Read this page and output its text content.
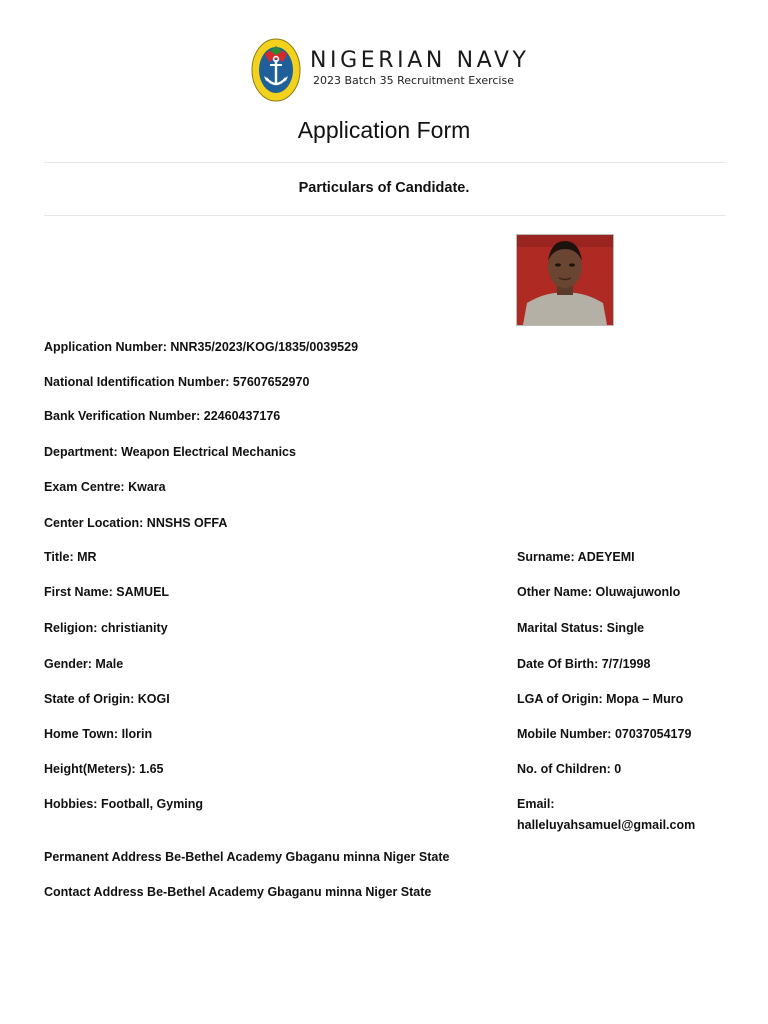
NIGERIAN NAVY
2023 Batch 35 Recruitment Exercise
Application Form
Particulars of Candidate.
Application Number: NNR35/2023/KOG/1835/0039529
National Identification Number: 57607652970
Bank Verification Number: 22460437176
Department: Weapon Electrical Mechanics
Exam Centre: Kwara
Center Location: NNSHS OFFA
Title: MR
First Name: SAMUEL
Religion: christianity
Gender: Male
State of Origin: KOGI
Home Town: Ilorin
Height(Meters): 1.65
Hobbies: Football, Gyming
Surname: ADEYEMI
Other Name: Oluwajuwonlo
Marital Status: Single
Date Of Birth: 7/7/1998
LGA of Origin: Mopa – Muro
Mobile Number: 07037054179
No. of Children: 0
Email:
halleluyahsamuel@gmail.com
Permanent Address Be-Bethel Academy Gbaganu minna Niger State
Contact Address Be-Bethel Academy Gbaganu minna Niger State
